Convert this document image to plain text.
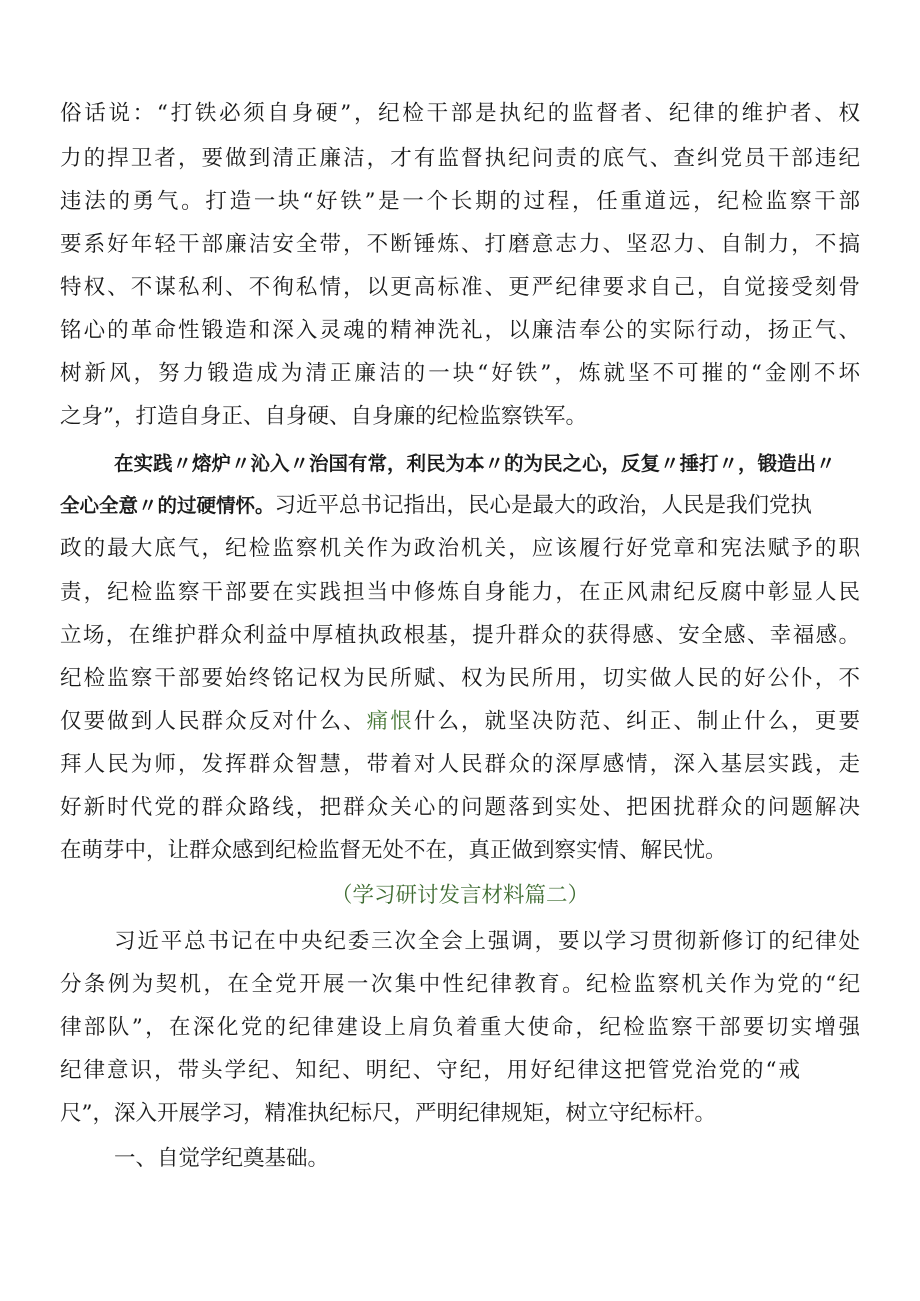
俗话说：“打铁必须自身硬”，纪检干部是执纪的监督者、纪律的维护者、权
力的捍卫者，要做到清正廉洁，才有监督执纪问责的底气、查纠党员干部违纪
违法的勇气。打造一块“好铁”是一个长期的过程，任重道远，纪检监察干部
要系好年轻干部廉洁安全带，不断锤炼、打磨意志力、坚忍力、自制力，不搞
特权、不谋私利、不徇私情，以更高标准、更严纪律要求自己，自觉接受刻骨
铭心的革命性锻造和深入灵魂的精神洗礼，以廉洁奉公的实际行动，扬正气、
树新风，努力锻造成为清正廉洁的一块“好铁”，炼就坚不可摧的“金刚不坏
之身”，打造自身正、自身硬、自身廉的纪检监察铁军。
在实践〃熔炉〃沁入〃治国有常，利民为本〃的为民之心，反复〃捶打〃，锻造出〃
全心全意〃的过硬情怀。习近平总书记指出，民心是最大的政治，人民是我们党执
政的最大底气，纪检监察机关作为政治机关，应该履行好党章和宪法赋予的职
责，纪检监察干部要在实践担当中修炼自身能力，在正风肃纪反腐中彰显人民
立场，在维护群众利益中厚植执政根基，提升群众的获得感、安全感、幸福感。
纪检监察干部要始终铭记权为民所赋、权为民所用，切实做人民的好公仆，不
仅要做到人民群众反对什么、痛恨什么，就坚决防范、纠正、制止什么，更要
拜人民为师，发挥群众智慧，带着对人民群众的深厚感情，深入基层实践，走
好新时代党的群众路线，把群众关心的问题落到实处、把困扰群众的问题解决
在萌芽中，让群众感到纪检监督无处不在，真正做到察实情、解民忧。
（学习研讨发言材料篇二）
习近平总书记在中央纪委三次全会上强调，要以学习贯彻新修订的纪律处
分条例为契机，在全党开展一次集中性纪律教育。纪检监察机关作为党的“纪
律部队”，在深化党的纪律建设上肩负着重大使命，纪检监察干部要切实增强
纪律意识，带头学纪、知纪、明纪、守纪，用好纪律这把管党治党的“戒
尺”，深入开展学习，精准执纪标尺，严明纪律规矩，树立守纪标杆。
一、自觉学纪奠基础。
